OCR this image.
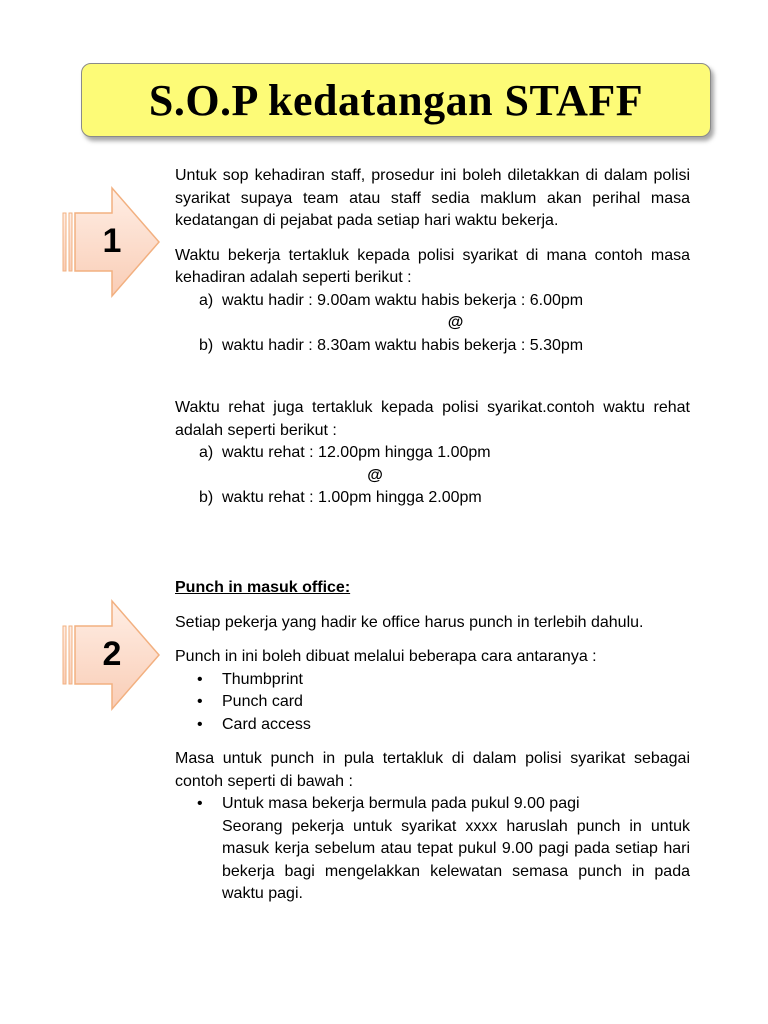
S.O.P kedatangan STAFF
1
2

Untuk sop kehadiran staff, prosedur ini boleh diletakkan di dalam polisi syarikat supaya team atau staff sedia maklum akan perihal masa kedatangan di pejabat pada setiap hari waktu bekerja.

Waktu bekerja tertakluk kepada polisi syarikat di mana contoh masa kehadiran adalah seperti berikut :

a) waktu hadir : 9.00am waktu habis bekerja : 6.00pm
@
b) waktu hadir : 8.30am waktu habis bekerja : 5.30pm

Waktu rehat juga tertakluk kepada polisi syarikat.contoh waktu rehat adalah seperti berikut :

a) waktu rehat : 12.00pm hingga 1.00pm
@
b) waktu rehat : 1.00pm hingga 2.00pm

Punch in masuk office:

Setiap pekerja yang hadir ke office harus punch in terlebih dahulu.

Punch in ini boleh dibuat melalui beberapa cara antaranya :

• Thumbprint
• Punch card
• Card access

Masa untuk punch in pula tertakluk di dalam polisi syarikat sebagai contoh seperti di bawah :

• Untuk masa bekerja bermula pada pukul 9.00 pagi
Seorang pekerja untuk syarikat xxxx haruslah punch in untuk masuk kerja sebelum atau tepat pukul 9.00 pagi pada setiap hari bekerja bagi mengelakkan kelewatan semasa punch in pada waktu pagi.
